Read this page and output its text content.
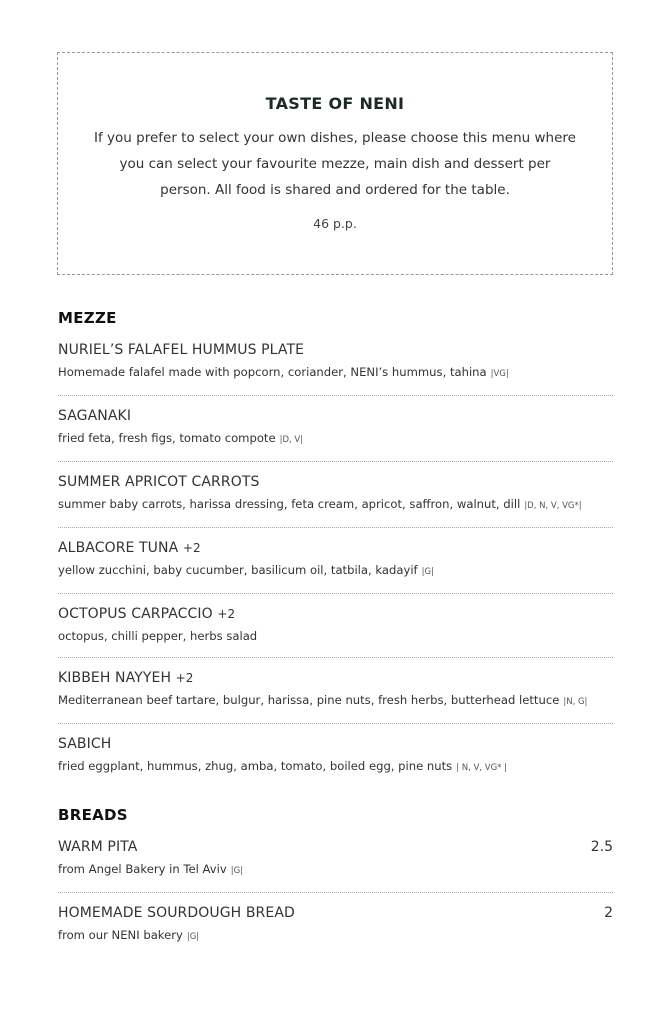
TASTE OF NENI

If you prefer to select your own dishes, please choose this menu where you can select your favourite mezze, main dish and dessert per person. All food is shared and ordered for the table.

46 p.p.

MEZZE
NURIEL’S FALAFEL HUMMUS PLATE
Homemade falafel made with popcorn, coriander, NENI’s hummus, tahina |VG|
SAGANAKI
fried feta, fresh figs, tomato compote |D, V|
SUMMER APRICOT CARROTS
summer baby carrots, harissa dressing, feta cream, apricot, saffron, walnut, dill |D, N, V, VG*|
ALBACORE TUNA +2
yellow zucchini, baby cucumber, basilicum oil, tatbila, kadayif |G|
OCTOPUS CARPACCIO +2
octopus, chilli pepper, herbs salad
KIBBEH NAYYEH +2
Mediterranean beef tartare, bulgur, harissa, pine nuts, fresh herbs, butterhead lettuce |N, G|
SABICH
fried eggplant, hummus, zhug, amba, tomato, boiled egg, pine nuts | N, V, VG* |
BREADS
WARM PITA	2.5
from Angel Bakery in Tel Aviv |G|
HOMEMADE SOURDOUGH BREAD	2
from our NENI bakery |G|
